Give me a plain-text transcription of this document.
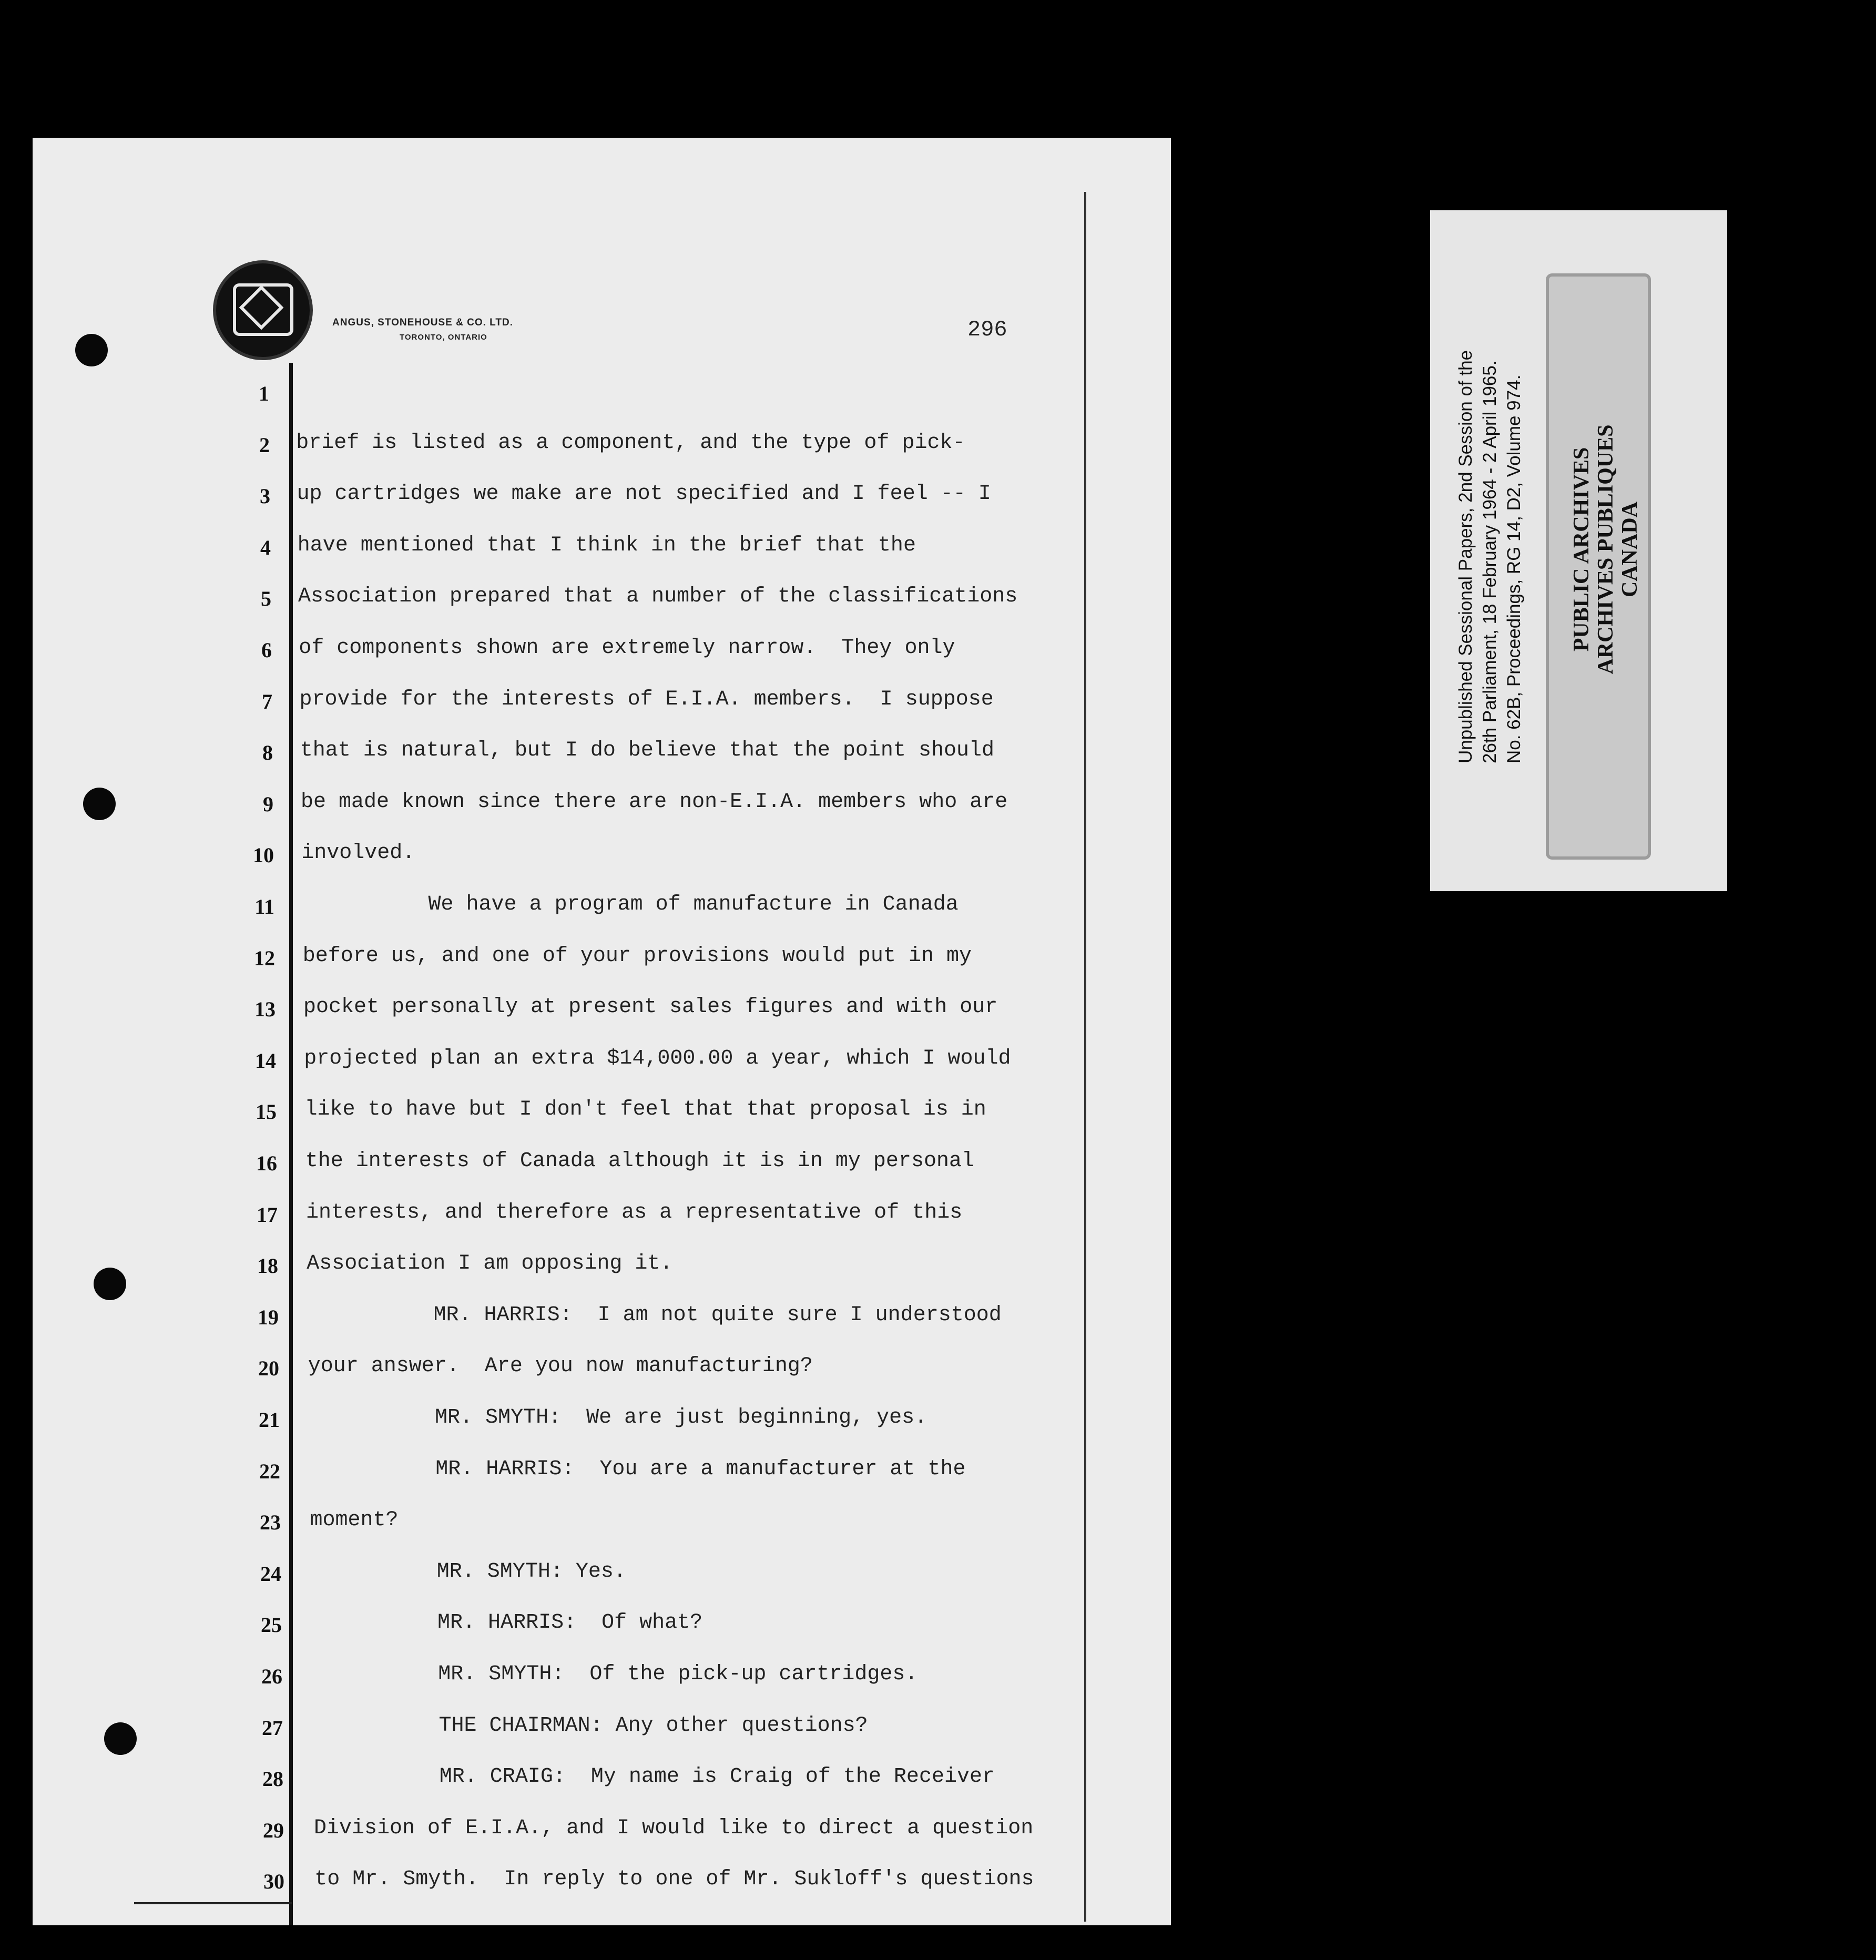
ANGUS, STONEHOUSE & CO. LTD.
TORONTO, ONTARIO	296
1
2 brief is listed as a component, and the type of pick-
3 up cartridges we make are not specified and I feel -- I
4 have mentioned that I think in the brief that the
5 Association prepared that a number of the classifications
6 of components shown are extremely narrow.  They only
7 provide for the interests of E.I.A. members.  I suppose
8 that is natural, but I do believe that the point should
9 be made known since there are non-E.I.A. members who are
10 involved.
11 We have a program of manufacture in Canada
12 before us, and one of your provisions would put in my
13 pocket personally at present sales figures and with our
14 projected plan an extra $14,000.00 a year, which I would
15 like to have but I don't feel that that proposal is in
16 the interests of Canada although it is in my personal
17 interests, and therefore as a representative of this
18 Association I am opposing it.
19 MR. HARRIS:  I am not quite sure I understood
20 your answer.  Are you now manufacturing?
21 MR. SMYTH:  We are just beginning, yes.
22 MR. HARRIS:  You are a manufacturer at the
23 moment?
24 MR. SMYTH: Yes.
25 MR. HARRIS:  Of what?
26 MR. SMYTH:  Of the pick-up cartridges.
27 THE CHAIRMAN: Any other questions?
28 MR. CRAIG:  My name is Craig of the Receiver
29 Division of E.I.A., and I would like to direct a question
30 to Mr. Smyth.  In reply to one of Mr. Sukloff's questions
Unpublished Sessional Papers, 2nd Session of the 26th Parliament, 18 February 1964 - 2 April 1965. No. 62B, Proceedings, RG 14, D2, Volume 974. PUBLIC ARCHIVES ARCHIVES PUBLIQUES CANADA
